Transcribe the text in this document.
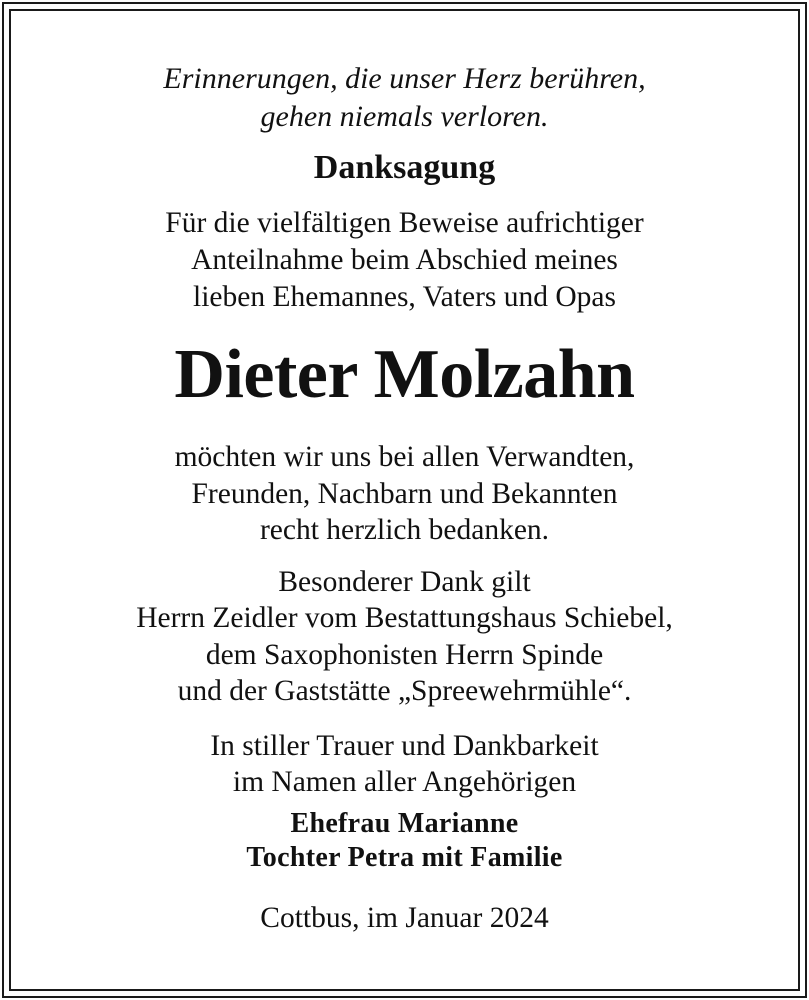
Erinnerungen, die unser Herz berühren,
gehen niemals verloren.
Danksagung
Für die vielfältigen Beweise aufrichtiger
Anteilnahme beim Abschied meines
lieben Ehemannes, Vaters und Opas
Dieter Molzahn
möchten wir uns bei allen Verwandten,
Freunden, Nachbarn und Bekannten
recht herzlich bedanken.
Besonderer Dank gilt
Herrn Zeidler vom Bestattungshaus Schiebel,
dem Saxophonisten Herrn Spinde
und der Gaststätte „Spreewehrmühle“.
In stiller Trauer und Dankbarkeit
im Namen aller Angehörigen
Ehefrau Marianne
Tochter Petra mit Familie
Cottbus, im Januar 2024
